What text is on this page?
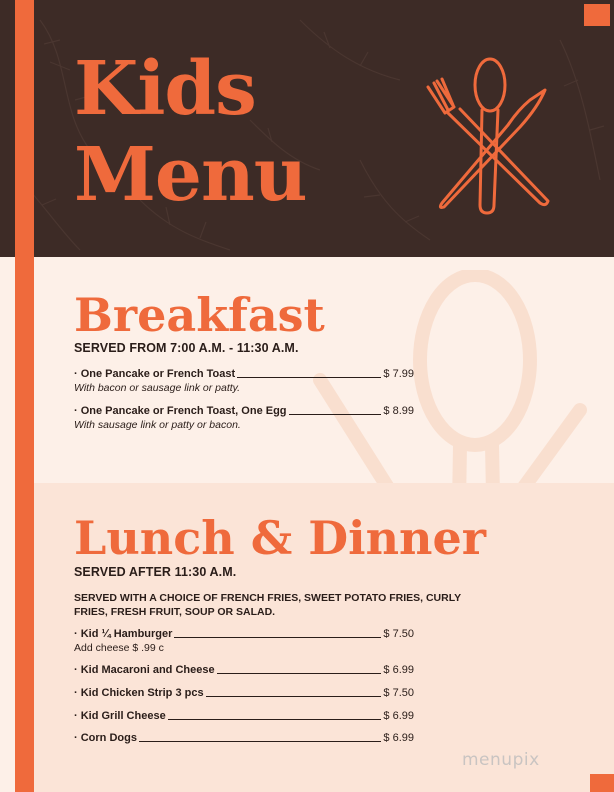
Kids
Menu
Breakfast
SERVED FROM 7:00 A.M. - 11:30 A.M.
· One Pancake or French Toast	$ 7.99
With bacon or sausage link or patty.
· One Pancake or French Toast, One Egg	$ 8.99
With sausage link or patty or bacon.
Lunch & Dinner
SERVED AFTER 11:30 A.M.
SERVED WITH A CHOICE OF FRENCH FRIES, SWEET POTATO FRIES, CURLY FRIES, FRESH FRUIT, SOUP OR SALAD.
· Kid ¼ Hamburger	$ 7.50
Add cheese $ .99 c
· Kid Macaroni and Cheese	$ 6.99
· Kid Chicken Strip 3 pcs	$ 7.50
· Kid Grill Cheese	$ 6.99
· Corn Dogs	$ 6.99
menupix
